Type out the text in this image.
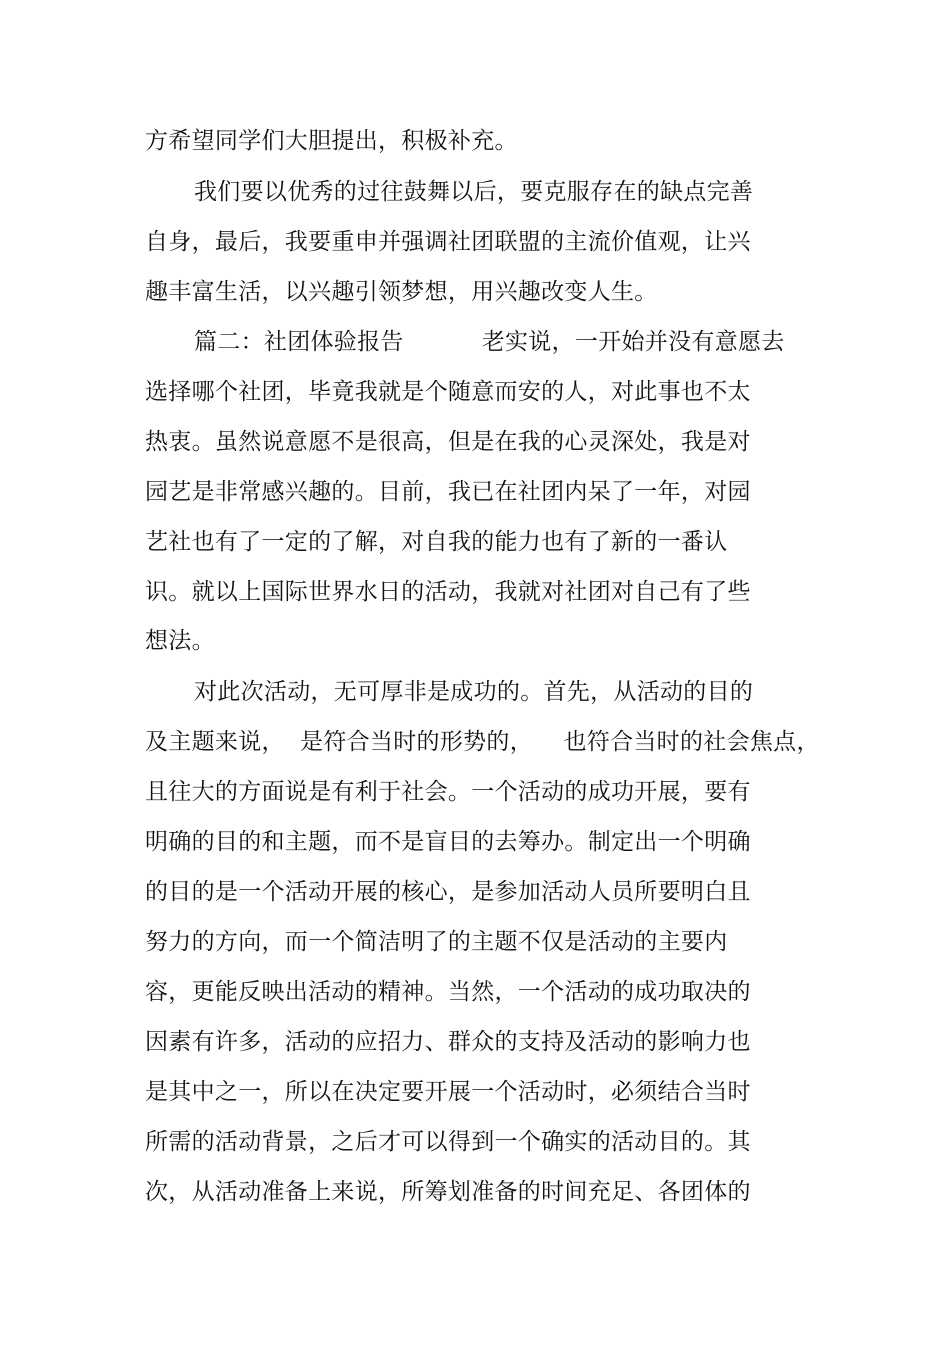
方希望同学们大胆提出，积极补充。
我们要以优秀的过往鼓舞以后，要克服存在的缺点完善
自身，最后，我要重申并强调社团联盟的主流价值观，让兴
趣丰富生活，以兴趣引领梦想，用兴趣改变人生。
篇二：社团体验报告	老实说，一开始并没有意愿去
选择哪个社团，毕竟我就是个随意而安的人，对此事也不太
热衷。虽然说意愿不是很高，但是在我的心灵深处，我是对
园艺是非常感兴趣的。目前，我已在社团内呆了一年，对园
艺社也有了一定的了解，对自我的能力也有了新的一番认
识。就以上国际世界水日的活动，我就对社团对自己有了些
想法。
对此次活动，无可厚非是成功的。首先，从活动的目的
及主题来说，  是符合当时的形势的，    也符合当时的社会焦点，
且往大的方面说是有利于社会。一个活动的成功开展，要有
明确的目的和主题，而不是盲目的去筹办。制定出一个明确
的目的是一个活动开展的核心，是参加活动人员所要明白且
努力的方向，而一个简洁明了的主题不仅是活动的主要内
容，更能反映出活动的精神。当然，一个活动的成功取决的
因素有许多，活动的应招力、群众的支持及活动的影响力也
是其中之一，所以在决定要开展一个活动时，必须结合当时
所需的活动背景，之后才可以得到一个确实的活动目的。其
次，从活动准备上来说，所筹划准备的时间充足、各团体的
